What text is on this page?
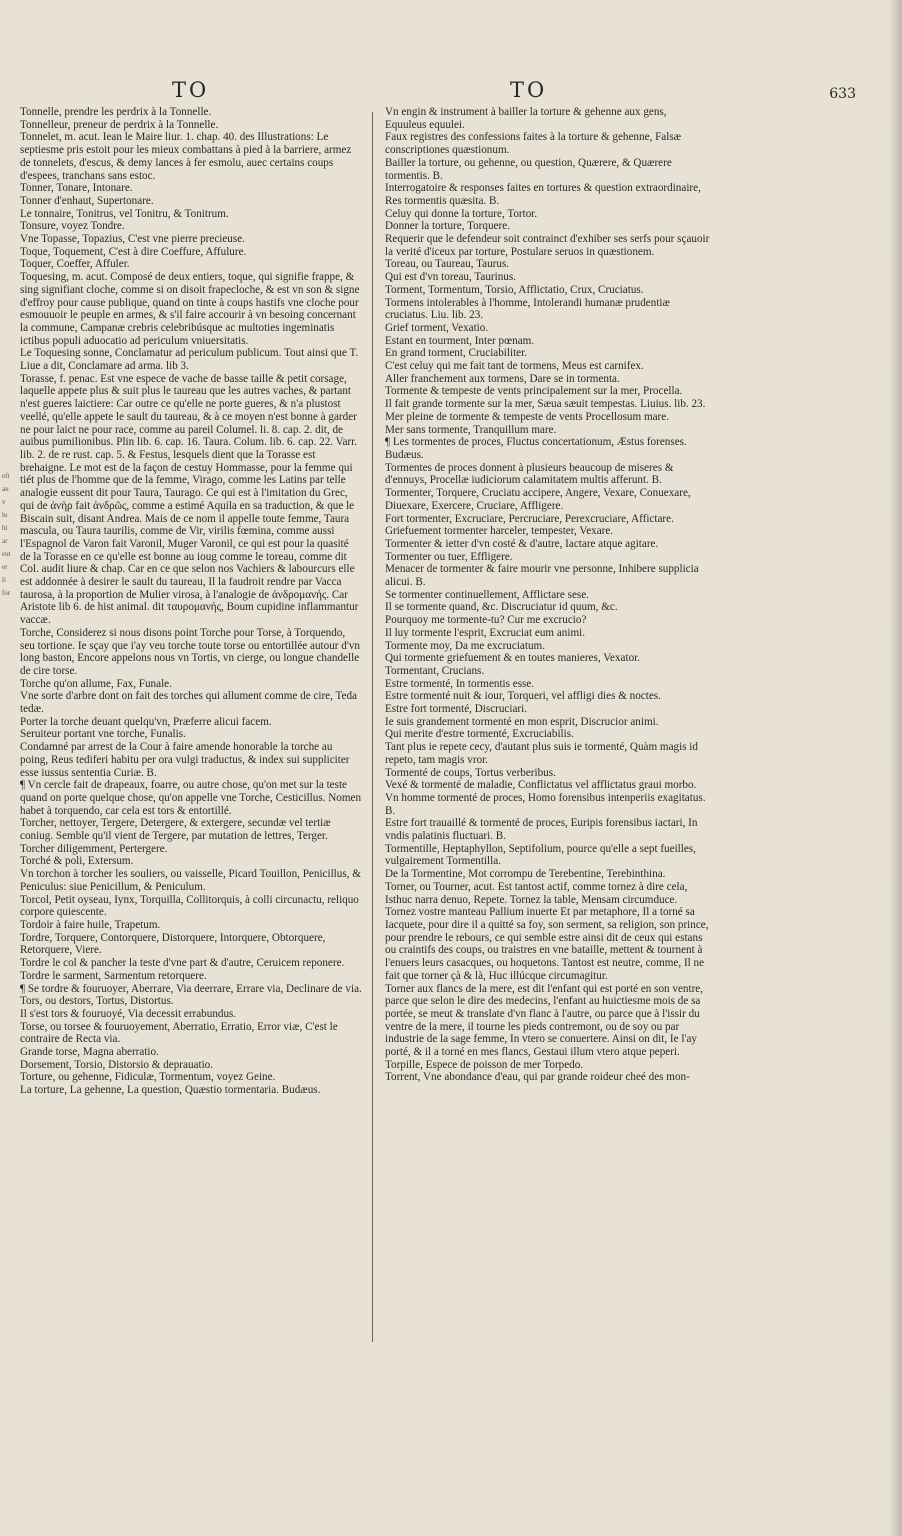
TO	TO	633
eft
au
v
lu
hi
ar
eut
er
li
for

Tonnelle, prendre les perdrix à la Tonnelle.

Tonnelleur, preneur de perdrix à la Tonnelle.

Tonnelet, m. acut. Iean le Maire liur. 1. chap. 40. des Illustrations: Le septiesme pris estoit pour les mieux combattans à pied à la barriere, armez de tonnelets, d'escus, & demy lances à fer esmolu, auec certains coups d'espees, tranchans sans estoc.

Tonner, Tonare, Intonare.

Tonner d'enhaut, Supertonare.

Le tonnaire, Tonitrus, vel Tonitru, & Tonitrum.

Tonsure, voyez Tondre.

Vne Topasse, Topazius, C'est vne pierre precieuse.

Toque, Toquement, C'est à dire Coeffure, Affulure.

Toquer, Coeffer, Affuler.

Toquesing, m. acut. Composé de deux entiers, toque, qui signifie frappe, & sing signifiant cloche, comme si on disoit frapecloche, & est vn son & signe d'effroy pour cause publique, quand on tinte à coups hastifs vne cloche pour esmouuoir le peuple en armes, & s'il faire accourir à vn besoing concernant la commune, Campanæ crebris celebribúsque ac multoties ingeminatis ictibus populi aduocatio ad periculum vniuersitatis.

Le Toquesing sonne, Conclamatur ad periculum publicum. Tout ainsi que T. Liue a dit, Conclamare ad arma. lib 3.

Torasse, f. penac. Est vne espece de vache de basse taille & petit corsage, laquelle appete plus & suit plus le taureau que les autres vaches, & partant n'est gueres laictiere: Car outre ce qu'elle ne porte gueres, & n'a plustost veellé, qu'elle appete le sault du taureau, & à ce moyen n'est bonne à garder ne pour laict ne pour race, comme au pareil Columel. li. 8. cap. 2. dit, de auibus pumilionibus. Plin lib. 6. cap. 16. Taura. Colum. lib. 6. cap. 22. Varr. lib. 2. de re rust. cap. 5. & Festus, lesquels dient que la Torasse est brehaigne. Le mot est de la façon de cestuy Hommasse, pour la femme qui tiét plus de l'homme que de la femme, Virago, comme les Latins par telle analogie eussent dit pour Taura, Taurago. Ce qui est à l'imitation du Grec, qui de ἀνὴρ fait ἀνδρῶς, comme a estimé Aquila en sa traduction, & que le Biscain suit, disant Andrea. Mais de ce nom il appelle toute femme, Taura mascula, ou Taura taurilis, comme de Vir, virilis fœmina, comme aussi l'Espagnol de Varon fait Varonil, Muger Varonil, ce qui est pour la quasité de la Torasse en ce qu'elle est bonne au ioug comme le toreau, comme dit Col. audit liure & chap. Car en ce que selon nos Vachiers & labourcurs elle est addonnée à desirer le sault du taureau, Il la faudroit rendre par Vacca taurosa, à la proportion de Mulier virosa, à l'analogie de ἀνδρομανής. Car Aristote lib 6. de hist animal. dit ταυρομανής, Boum cupidine inflammantur vaccæ.

Torche, Considerez si nous disons point Torche pour Torse, à Torquendo, seu tortione. Ie sçay que i'ay veu torche toute torse ou entortillée autour d'vn long baston, Encore appelons nous vn Tortis, vn cierge, ou longue chandelle de cire torse.

Torche qu'on allume, Fax, Funale.

Vne sorte d'arbre dont on fait des torches qui allument comme de cire, Teda tedæ.

Porter la torche deuant quelqu'vn, Præferre alicui facem.

Seruiteur portant vne torche, Funalis.

Condamné par arrest de la Cour à faire amende honorable la torche au poing, Reus tediferi habitu per ora vulgi traductus, & index sui suppliciter esse iussus sententia Curiæ. B.

¶ Vn cercle fait de drapeaux, foarre, ou autre chose, qu'on met sur la teste quand on porte quelque chose, qu'on appelle vne Torche, Cesticillus. Nomen habet à torquendo, car cela est tors & entortillé.

Torcher, nettoyer, Tergere, Detergere, & extergere, secundæ vel tertiæ coniug. Semble qu'il vient de Tergere, par mutation de lettres, Terger.

Torcher diligemment, Pertergere.

Torché & poli, Extersum.

Vn torchon à torcher les souliers, ou vaisselle, Picard Touillon, Penicillus, & Peniculus: siue Penicillum, & Peniculum.

Torcol, Petit oyseau, Iynx, Torquilla, Collitorquis, à colli circunactu, reliquo corpore quiescente.

Tordoir à faire huile, Trapetum.

Tordre, Torquere, Contorquere, Distorquere, Intorquere, Obtorquere, Retorquere, Viere.

Tordre le col & pancher la teste d'vne part & d'autre, Ceruicem reponere.

Tordre le sarment, Sarmentum retorquere.

¶ Se tordre & fouruoyer, Aberrare, Via deerrare, Errare via, Declinare de via.

Tors, ou destors, Tortus, Distortus.

Il s'est tors & fouruoyé, Via decessit errabundus.

Torse, ou torsee & fouruoyement, Aberratio, Erratio, Error viæ, C'est le contraire de Recta via.

Grande torse, Magna aberratio.

Dorsement, Torsio, Distorsio & deprauatio.

Torture, ou gehenne, Fidiculæ, Tormentum, voyez Geine.

La torture, La gehenne, La question, Quæstio tormentaria. Budæus.

Vn engin & instrument à bailler la torture & gehenne aux gens, Equuleus equulei.

Faux registres des confessions faites à la torture & gehenne, Falsæ conscriptiones quæstionum.

Bailler la torture, ou gehenne, ou question, Quærere, & Quærere tormentis. B.

Interrogatoire & responses faites en tortures & question extraordinaire, Res tormentis quæsita. B.

Celuy qui donne la torture, Tortor.

Donner la torture, Torquere.

Requerir que le defendeur soit contrainct d'exhiber ses serfs pour sçauoir la verité d'iceux par torture, Postulare seruos in quæstionem.

Toreau, ou Taureau, Taurus.

Qui est d'vn toreau, Taurinus.

Torment, Tormentum, Torsio, Afflictatio, Crux, Cruciatus.

Tormens intolerables à l'homme, Intolerandi humanæ prudentiæ cruciatus. Liu. lib. 23.

Grief torment, Vexatio.

Estant en tourment, Inter pœnam.

En grand torment, Cruciabiliter.

C'est celuy qui me fait tant de tormens, Meus est carnifex.

Aller franchement aux tormens, Dare se in tormenta.

Tormente & tempeste de vents principalement sur la mer, Procella.

Il fait grande tormente sur la mer, Sæua sæuit tempestas. Liuius. lib. 23.

Mer pleine de tormente & tempeste de vents Procellosum mare.

Mer sans tormente, Tranquillum mare.

¶ Les tormentes de proces, Fluctus concertationum, Æstus forenses. Budæus.

Tormentes de proces donnent à plusieurs beaucoup de miseres & d'ennuys, Procellæ iudiciorum calamitatem multis afferunt. B.

Tormenter, Torquere, Cruciatu accipere, Angere, Vexare, Conuexare, Diuexare, Exercere, Cruciare, Affligere.

Fort tormenter, Excruciare, Percruciare, Perexcruciare, Affictare.

Griefuement tormenter harceler, tempester, Vexare.

Tormenter & ietter d'vn costé & d'autre, Iactare atque agitare.

Tormenter ou tuer, Effligere.

Menacer de tormenter & faire mourir vne personne, Inhibere supplicia alicui. B.

Se tormenter continuellement, Afflictare sese.

Il se tormente quand, &c. Discruciatur id quum, &c.

Pourquoy me tormente-tu? Cur me excrucio?

Il luy tormente l'esprit, Excruciat eum animi.

Tormente moy, Da me excruciatum.

Qui tormente griefuement & en toutes manieres, Vexator.

Tormentant, Crucians.

Estre tormenté, In tormentis esse.

Estre tormenté nuit & iour, Torqueri, vel affligi dies & noctes.

Estre fort tormenté, Discruciari.

Ie suis grandement tormenté en mon esprit, Discrucior animi.

Qui merite d'estre tormenté, Excruciabilis.

Tant plus ie repete cecy, d'autant plus suis ie tormenté, Quàm magis id repeto, tam magis vror.

Tormenté de coups, Tortus verberibus.

Vexé & tormenté de maladie, Conflictatus vel afflictatus graui morbo.

Vn homme tormenté de proces, Homo forensibus intenperiis exagitatus. B.

Estre fort trauaillé & tormenté de proces, Euripis forensibus iactari, In vndis palatinis fluctuari. B.

Tormentille, Heptaphyllon, Septifolium, pource qu'elle a sept fueilles, vulgairement Tormentilla.

De la Tormentine, Mot corrompu de Terebentine, Terebinthina.

Torner, ou Tourner, acut. Est tantost actif, comme tornez à dire cela, Isthuc narra denuo, Repete. Tornez la table, Mensam circumduce. Tornez vostre manteau Pallium inuerte Et par metaphore, Il a torné sa Iacquete, pour dire il a quitté sa foy, son serment, sa religion, son prince, pour prendre le rebours, ce qui semble estre ainsi dit de ceux qui estans ou craintifs des coups, ou traistres en vne bataille, mettent & tournent à l'enuers leurs casacques, ou hoquetons. Tantost est neutre, comme, Il ne fait que torner çà & là, Huc illúcque circumagitur.

Torner aux flancs de la mere, est dit l'enfant qui est porté en son ventre, parce que selon le dire des medecins, l'enfant au huictiesme mois de sa portée, se meut & translate d'vn flanc à l'autre, ou parce que à l'issir du ventre de la mere, il tourne les pieds contremont, ou de soy ou par industrie de la sage femme, In vtero se conuertere. Ainsi on dit, Ie l'ay porté, & il a torné en mes flancs, Gestaui illum vtero atque peperi.

Torpille, Espece de poisson de mer Torpedo.

Torrent, Vne abondance d'eau, qui par grande roideur cheé des mon-
